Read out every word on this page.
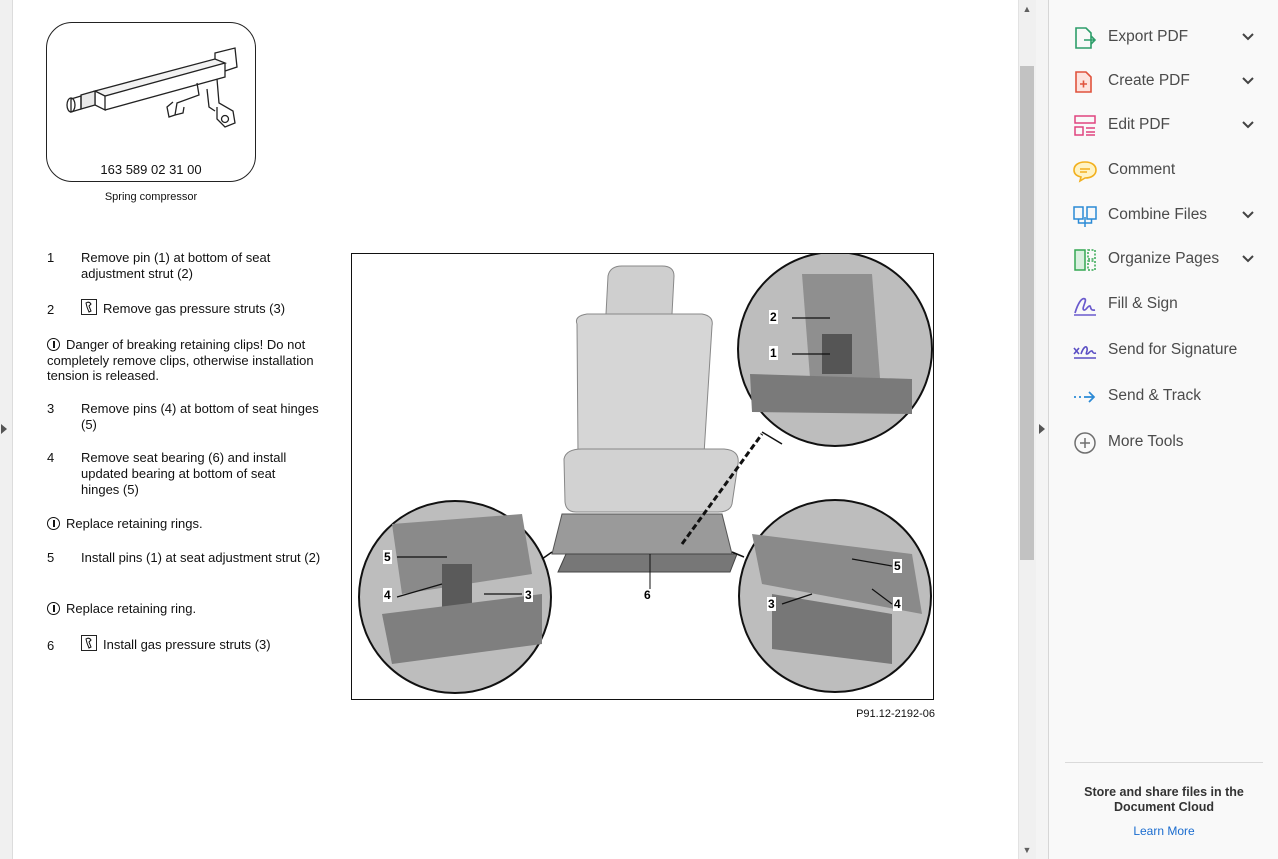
163 589 02 31 00
Spring compressor
1 Remove pin (1) at bottom of seat adjustment strut (2)
2	Remove gas pressure struts (3)
Danger of breaking retaining clips! Do not completely remove clips, otherwise installation tension is released.
3 Remove pins (4) at bottom of seat hinges (5)
4 Remove seat bearing (6) and install updated bearing at bottom of seat hinges (5)
Replace retaining rings.
5 Install pins (1) at seat adjustment strut (2)
Replace retaining ring.
6	Install gas pressure struts (3)
2
1
5
4	3	6
3
5
4
P91.12-2192-06
▲
▼
Export PDF
Create PDF
Edit PDF
Comment
Combine Files
Organize Pages
Fill & Sign
Send for Signature
Send & Track
More Tools
Store and share files in the Document Cloud
Learn More
